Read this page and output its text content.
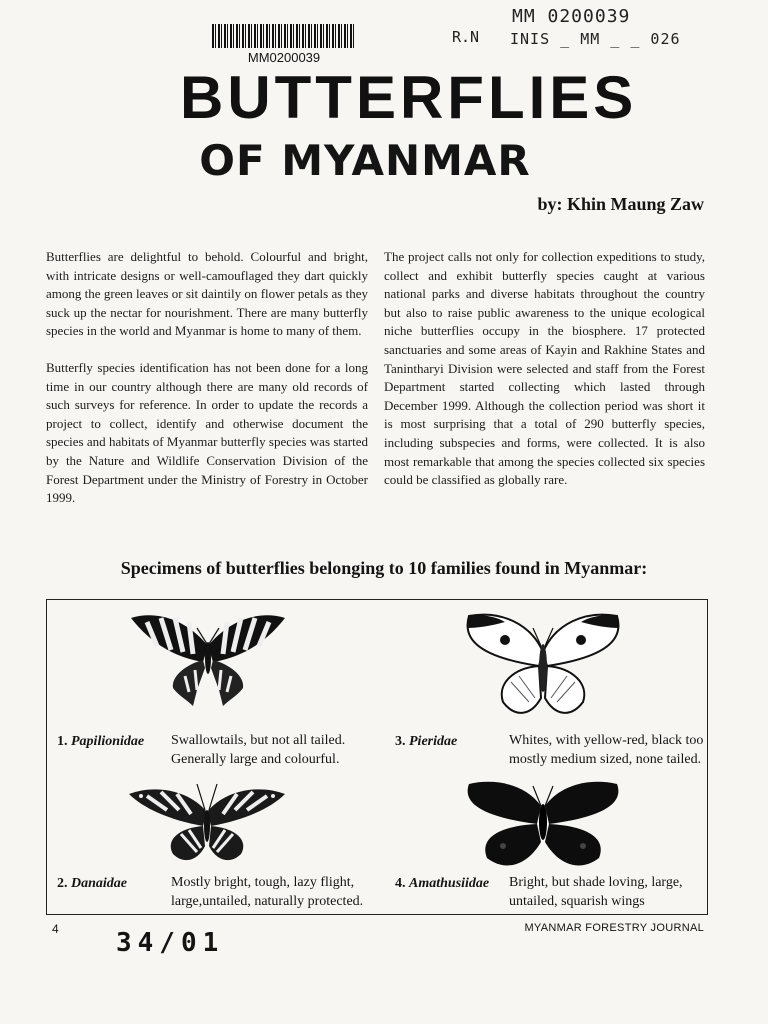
MM0200039
MM 0200039
R.N INIS _ MM _ _ 026
BUTTERFLIES
OF MYANMAR
by: Khin Maung Zaw

Butterflies are delightful to behold. Colourful and bright, with intricate designs or well-camouflaged they dart quickly among the green leaves or sit daintily on flower petals as they suck up the nectar for nourishment. There are many butterfly species in the world and Myanmar is home to many of them.

Butterfly species identification has not been done for a long time in our country although there are many old records of such surveys for reference. In order to update the records a project to collect, identify and otherwise document the species and habitats of Myanmar butterfly species was started by the Nature and Wildlife Conservation Division of the Forest Department under the Ministry of Forestry in October 1999.

The project calls not only for collection expeditions to study, collect and exhibit butterfly species caught at various national parks and diverse habitats throughout the country but also to raise public awareness to the unique ecological niche butterflies occupy in the biosphere. 17 protected sanctuaries and some areas of Kayin and Rakhine States and Tanintharyi Division were selected and staff from the Forest Department started collecting which lasted through December 1999. Although the collection period was short it is most surprising that a total of 290 butterfly species, including subspecies and forms, were collected. It is also most remarkable that among the species collected six species could be classified as globally rare.

Specimens of butterflies belonging to 10 families found in Myanmar:
1. Papilionidae Swallowtails, but not all tailed. Generally large and colourful.
3. Pieridae	Whites, with yellow-red, black too mostly medium sized, none tailed.
2. Danaidae	Mostly bright, tough, lazy flight, large,untailed, naturally protected.
4. Amathusiidae Bright, but shade loving, large, untailed, squarish wings
4	MYANMAR FORESTRY JOURNAL
34/01
